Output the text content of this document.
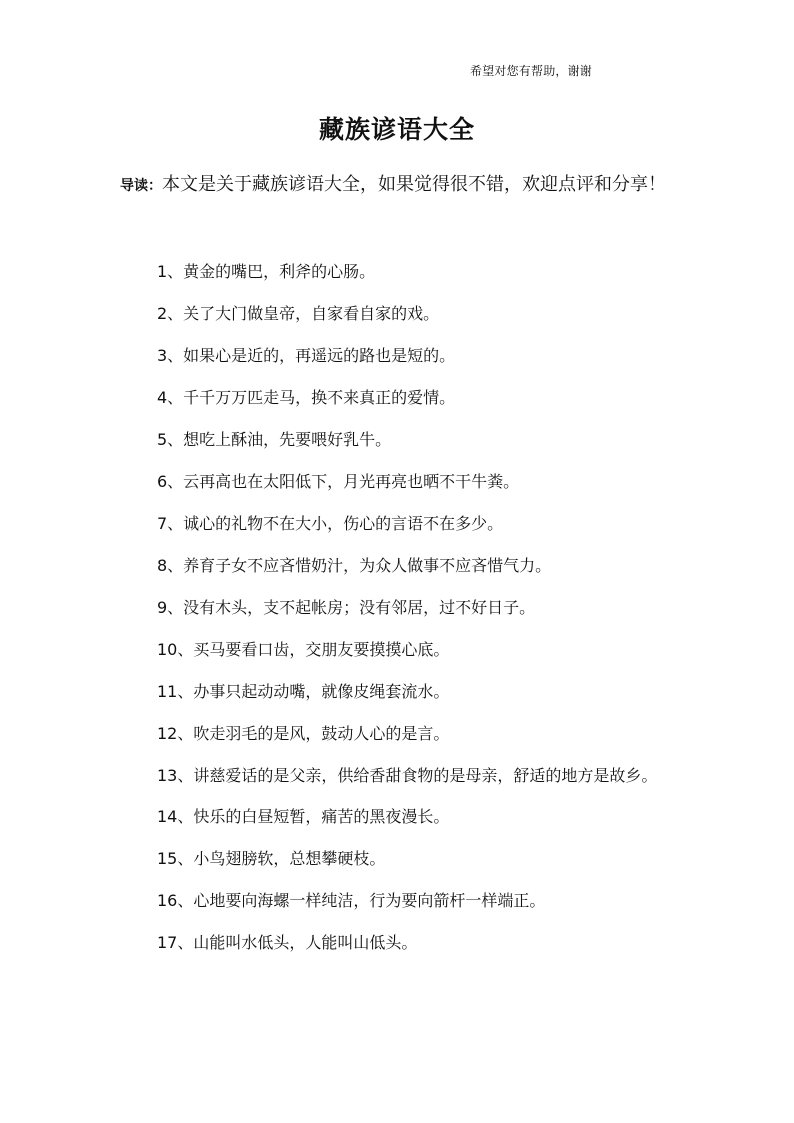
希望对您有帮助，谢谢
藏族谚语大全
导读：本文是关于藏族谚语大全，如果觉得很不错，欢迎点评和分享！
1、黄金的嘴巴，利斧的心肠。
2、关了大门做皇帝，自家看自家的戏。
3、如果心是近的，再遥远的路也是短的。
4、千千万万匹走马，换不来真正的爱情。
5、想吃上酥油，先要喂好乳牛。
6、云再高也在太阳低下，月光再亮也晒不干牛粪。
7、诚心的礼物不在大小，伤心的言语不在多少。
8、养育子女不应吝惜奶汁，为众人做事不应吝惜气力。
9、没有木头，支不起帐房；没有邻居，过不好日子。
10、买马要看口齿，交朋友要摸摸心底。
11、办事只起动动嘴，就像皮绳套流水。
12、吹走羽毛的是风，鼓动人心的是言。
13、讲慈爱话的是父亲，供给香甜食物的是母亲，舒适的地方是故乡。
14、快乐的白昼短暂，痛苦的黑夜漫长。
15、小鸟翅膀软，总想攀硬枝。
16、心地要向海螺一样纯洁，行为要向箭杆一样端正。
17、山能叫水低头，人能叫山低头。
